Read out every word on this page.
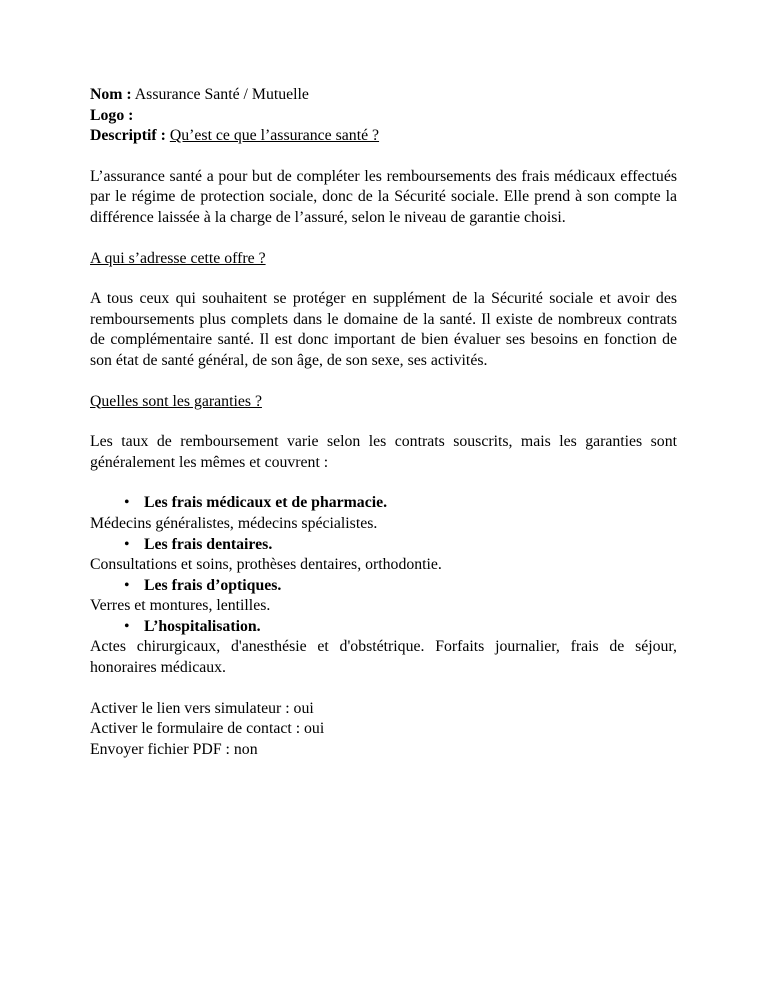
Nom : Assurance Santé / Mutuelle

Logo :

Descriptif : Qu’est ce que l’assurance santé ?

L’assurance santé a pour but de compléter les remboursements des frais médicaux effectués par le régime de protection sociale, donc de la Sécurité sociale. Elle prend à son compte la différence laissée à la charge de l’assuré, selon le niveau de garantie choisi.

A qui s’adresse cette offre ?

A tous ceux qui souhaitent se protéger en supplément de la Sécurité sociale et avoir des remboursements plus complets dans le domaine de la santé. Il existe de nombreux contrats de complémentaire santé. Il est donc important de bien évaluer ses besoins en fonction de son état de santé général, de son âge, de son sexe, ses activités.

Quelles sont les garanties ?

Les taux de remboursement varie selon les contrats souscrits, mais les garanties sont généralement les mêmes et couvrent :

• Les frais médicaux et de pharmacie.

Médecins généralistes, médecins spécialistes.

• Les frais dentaires.

Consultations et soins, prothèses dentaires, orthodontie.

• Les frais d’optiques.

Verres et montures, lentilles.

• L’hospitalisation.

Actes chirurgicaux, d'anesthésie et d'obstétrique. Forfaits journalier, frais de séjour, honoraires médicaux.

Activer le lien vers simulateur : oui

Activer le formulaire de contact : oui

Envoyer fichier PDF : non
